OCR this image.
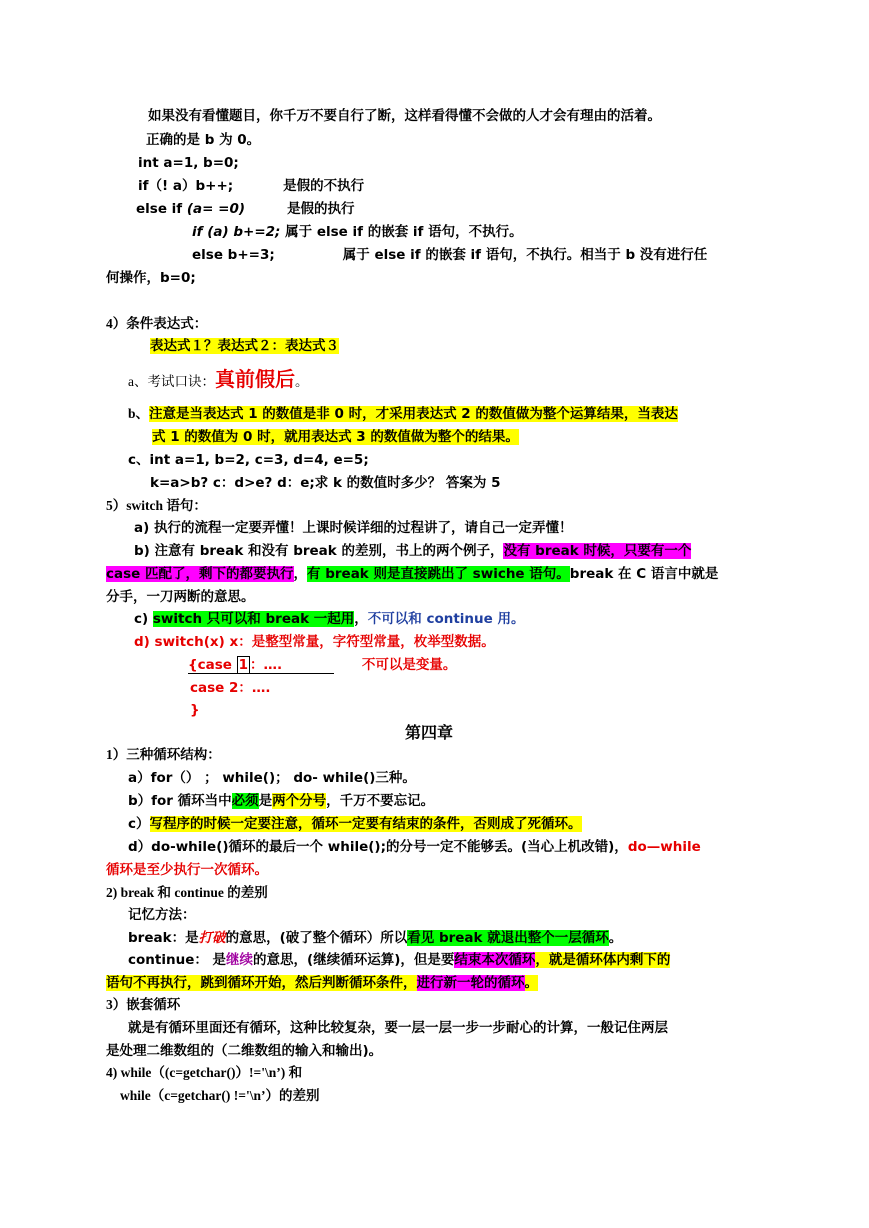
如果没有看懂题目，你千万不要自行了断，这样看得懂不会做的人才会有理由的活着。
正确的是 b 为 0。
int a=1, b=0;
if（! a）b++;	是假的不执行
else if (a= =0)	是假的执行
if (a) b+=2; 属于 else if 的嵌套 if 语句，不执行。
else b+=3;	属于 else if 的嵌套 if 语句，不执行。相当于 b 没有进行任
何操作，b=0;
4）条件表达式：
表达式１？表达式２：表达式３
a、考试口诀：真前假后。
b、注意是当表达式 1 的数值是非 0 时，才采用表达式 2 的数值做为整个运算结果，当表达
式 1 的数值为 0 时，就用表达式 3 的数值做为整个的结果。
c、int a=1, b=2, c=3, d=4, e=5;
k=a>b? c：d>e? d：e;求 k 的数值时多少？ 答案为 5
5）switch 语句：
a) 执行的流程一定要弄懂！上课时候详细的过程讲了，请自己一定弄懂！
b) 注意有 break 和没有 break 的差别，书上的两个例子，没有 break 时候，只要有一个
case 匹配了，剩下的都要执行，有 break 则是直接跳出了 swiche 语句。break 在 C 语言中就是
分手，一刀两断的意思。
c) switch 只可以和 break 一起用，不可以和 continue 用。
d) switch(x) x：是整型常量，字符型常量，枚举型数据。
{case 1 ：….	不可以是变量。
case 2：….
}
第四章
1）三种循环结构：
a）for（） ； while()； do- while()三种。
b）for 循环当中必须是两个分号，千万不要忘记。
c）写程序的时候一定要注意，循环一定要有结束的条件，否则成了死循环。
d）do-while()循环的最后一个 while();的分号一定不能够丢。(当心上机改错)，do—while
循环是至少执行一次循环。
2) break 和 continue 的差别
记忆方法：
break：是打破的意思，(破了整个循环）所以看见 break 就退出整个一层循环。
continue： 是继续的意思，(继续循环运算)，但是要结束本次循环，就是循环体内剩下的
语句不再执行，跳到循环开始，然后判断循环条件，进行新一轮的循环。
3）嵌套循环
就是有循环里面还有循环，这种比较复杂，要一层一层一步一步耐心的计算，一般记住两层
是处理二维数组的（二维数组的输入和输出)。
4) while（(c=getchar()）!='\n’) 和
while（c=getchar() !='\n’）的差别
